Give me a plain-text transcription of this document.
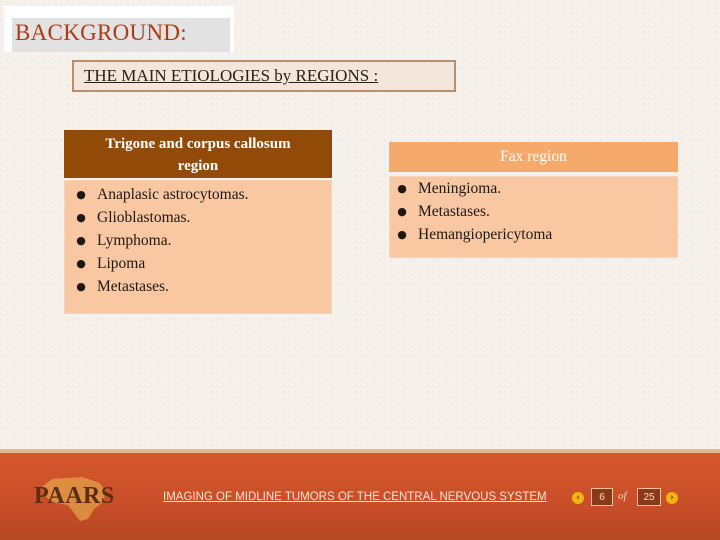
BACKGROUND:
THE MAIN ETIOLOGIES by REGIONS :
Trigone and corpus callosum
region
● Anaplasic astrocytomas.
● Glioblastomas.
● Lymphoma.
● Lipoma
● Metastases.
Fax region
● Meningioma.
● Metastases.
● Hemangiopericytoma
PAARS	IMAGING OF MIDLINE TUMORS OF THE CENTRAL NERVOUS SYSTEM	‹	6	of	25	›
